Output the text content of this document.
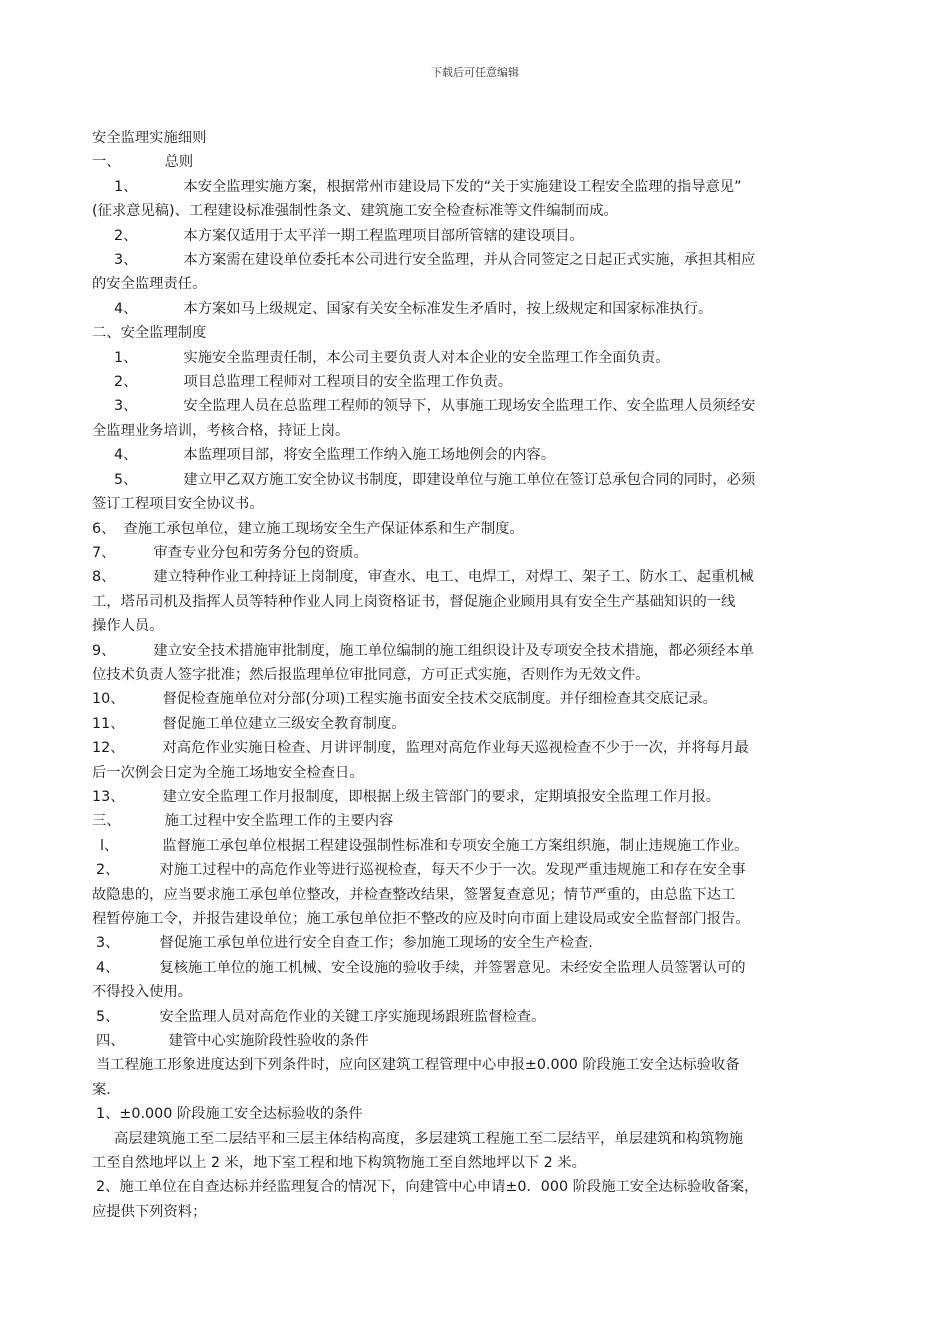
下载后可任意编辑
安全监理实施细则
一、	总则
1、	本安全监理实施方案，根据常州市建设局下发的“关于实施建设工程安全监理的指导意见”
(征求意见稿)、工程建设标准强制性条文、建筑施工安全检查标准等文件编制而成。
2、	本方案仅适用于太平洋一期工程监理项目部所管辖的建设项目。
3、	本方案需在建设单位委托本公司进行安全监理，并从合同签定之日起正式实施，承担其相应
的安全监理责任。
4、	本方案如马上级规定、国家有关安全标准发生矛盾时，按上级规定和国家标准执行。
二、安全监理制度
1、	实施安全监理责任制，本公司主要负责人对本企业的安全监理工作全面负责。
2、	项目总监理工程师对工程项目的安全监理工作负责。
3、	安全监理人员在总监理工程师的领导下，从事施工现场安全监理工作、安全监理人员须经安
全监理业务培训，考核合格，持证上岗。
4、	本监理项目部，将安全监理工作纳入施工场地例会的内容。
5、	建立甲乙双方施工安全协议书制度，即建设单位与施工单位在签订总承包合同的同时，必须
签订工程项目安全协议书。
6、 查施工承包单位，建立施工现场安全生产保证体系和生产制度。
7、	审查专业分包和劳务分包的资质。
8、	建立特种作业工种持证上岗制度，审查水、电工、电焊工，对焊工、架子工、防水工、起重机械
工，塔吊司机及指挥人员等特种作业人同上岗资格证书，督促施企业顾用具有安全生产基础知识的一线
操作人员。
9、	建立安全技术措施审批制度，施工单位编制的施工组织设计及专项安全技术措施，都必须经本单
位技术负责人签字批准；然后报监理单位审批同意，方可正式实施，否则作为无效文件。
10、	督促检查施单位对分部(分项)工程实施书面安全技术交底制度。并仔细检查其交底记录。
11、	督促施工单位建立三级安全教育制度。
12、	对高危作业实施日检查、月讲评制度，监理对高危作业每天巡视检查不少于一次，并将每月最
后一次例会日定为全施工场地安全检查日。
13、	建立安全监理工作月报制度，即根据上级主管部门的要求，定期填报安全监理工作月报。
三、	施工过程中安全监理工作的主要内容
l、	监督施工承包单位根据工程建设强制性标准和专项安全施工方案组织施，制止违规施工作业。
2、	对施工过程中的高危作业等进行巡视检查，每天不少于一次。发现严重违规施工和存在安全事
故隐患的，应当要求施工承包单位整改，并检查整改结果，签署复查意见；情节严重的，由总监下达工
程暂停施工令，并报告建设单位；施工承包单位拒不整改的应及时向市面上建设局或安全监督部门报告。
3、	督促施工承包单位进行安全自查工作；参加施工现场的安全生产检查.
4、	复核施工单位的施工机械、安全设施的验收手续，并签署意见。未经安全监理人员签署认可的
不得投入使用。
5、	安全监理人员对高危作业的关键工序实施现场跟班监督检查。
四、	建管中心实施阶段性验收的条件
当工程施工形象进度达到下列条件时，应向区建筑工程管理中心申报±0.000 阶段施工安全达标验收备
案.
1、±0.000 阶段施工安全达标验收的条件
高层建筑施工至二层结平和三层主体结构高度，多层建筑工程施工至二层结平，单层建筑和构筑物施
工至自然地坪以上 2 米，地下室工程和地下构筑物施工至自然地坪以下 2 米。
2、施工单位在自查达标并经监理复合的情况下，向建管中心申请±0．000 阶段施工安全达标验收备案，
应提供下列资料；
